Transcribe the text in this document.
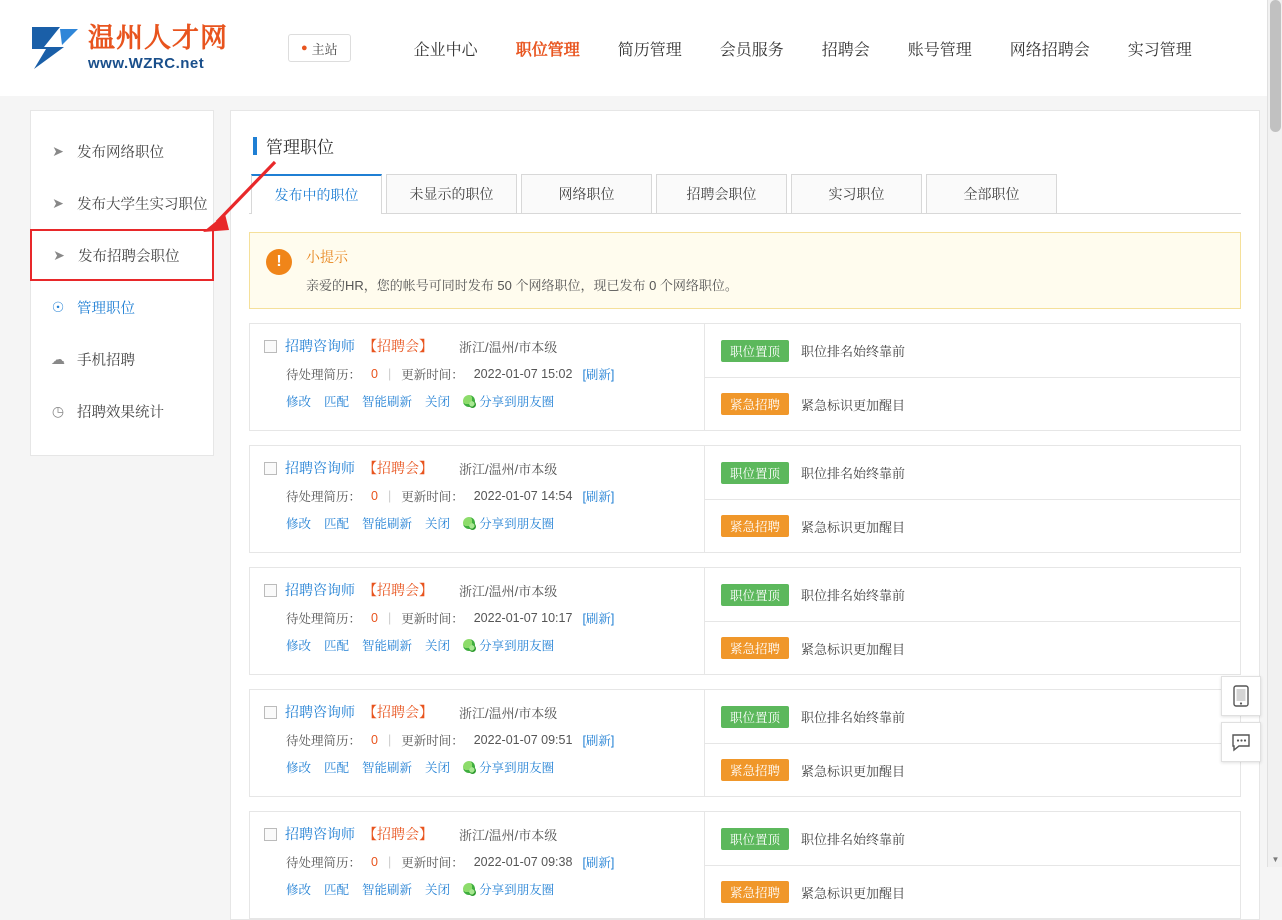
温州人才网
www.WZRC.net
● 主站	企业中心	职位管理	简历管理	会员服务	招聘会	账号管理	网络招聘会	实习管理
➤ 发布网络职位
➤ 发布大学生实习职位
➤ 发布招聘会职位
☉ 管理职位
☁ 手机招聘
◷ 招聘效果统计
管理职位
发布中的职位	未显示的职位	网络职位	招聘会职位	实习职位	全部职位
!	小提示
亲爱的HR，您的帐号可同时发布 50 个网络职位，现已发布 0 个网络职位。
招聘咨询师 【招聘会】 浙江/温州/市本级
待处理简历： 0 | 更新时间： 2022-01-07 15:02 [刷新]
修改 匹配 智能刷新 关闭 分享到朋友圈
职位置顶	职位排名始终靠前
紧急招聘	紧急标识更加醒目
招聘咨询师 【招聘会】 浙江/温州/市本级
待处理简历： 0 | 更新时间： 2022-01-07 14:54 [刷新]
修改 匹配 智能刷新 关闭 分享到朋友圈
职位置顶	职位排名始终靠前
紧急招聘	紧急标识更加醒目
招聘咨询师 【招聘会】 浙江/温州/市本级
待处理简历： 0 | 更新时间： 2022-01-07 10:17 [刷新]
修改 匹配 智能刷新 关闭 分享到朋友圈
职位置顶	职位排名始终靠前
紧急招聘	紧急标识更加醒目
招聘咨询师 【招聘会】 浙江/温州/市本级
待处理简历： 0 | 更新时间： 2022-01-07 09:51 [刷新]
修改 匹配 智能刷新 关闭 分享到朋友圈
职位置顶	职位排名始终靠前
紧急招聘	紧急标识更加醒目
招聘咨询师 【招聘会】 浙江/温州/市本级
待处理简历： 0 | 更新时间： 2022-01-07 09:38 [刷新]
修改 匹配 智能刷新 关闭 分享到朋友圈
职位置顶	职位排名始终靠前
紧急招聘	紧急标识更加醒目
▼
